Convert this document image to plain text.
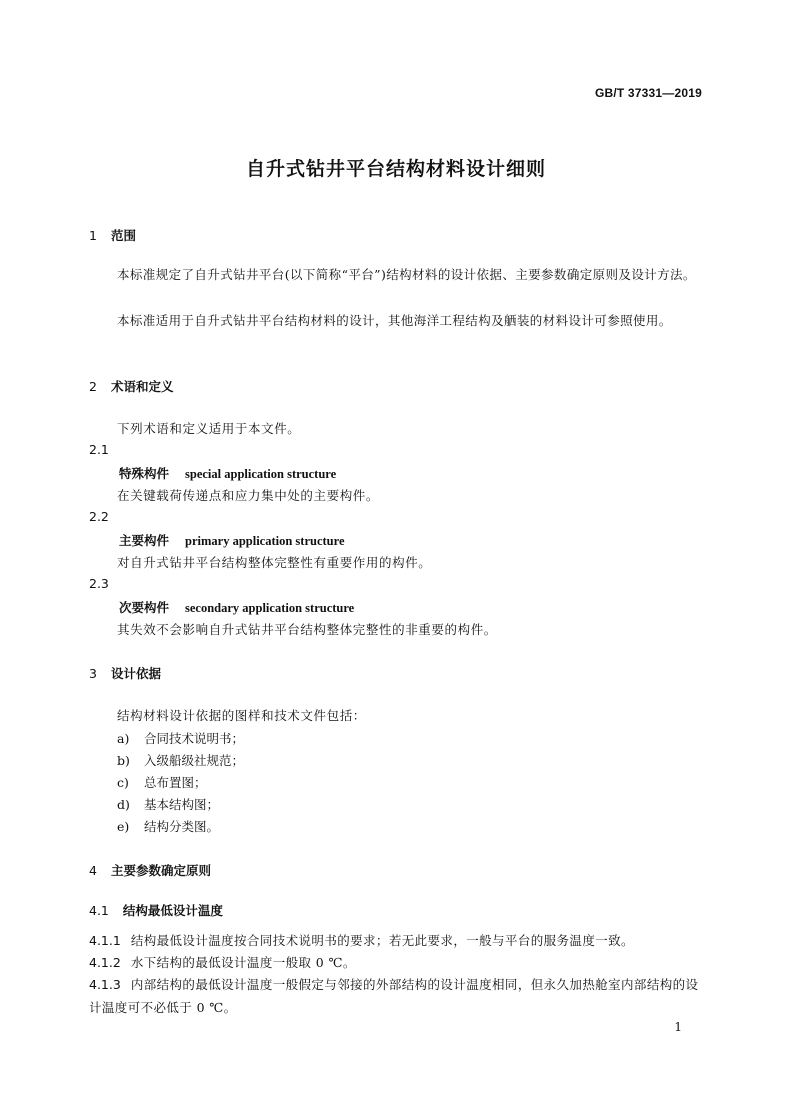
GB/T 37331—2019
自升式钻井平台结构材料设计细则
1 范围
本标准规定了自升式钻井平台(以下简称“平台”)结构材料的设计依据、主要参数确定原则及设计方法。
本标准适用于自升式钻井平台结构材料的设计，其他海洋工程结构及舾装的材料设计可参照使用。
2 术语和定义
下列术语和定义适用于本文件。
2.1
特殊构件 special application structure
在关键载荷传递点和应力集中处的主要构件。
2.2
主要构件 primary application structure
对自升式钻井平台结构整体完整性有重要作用的构件。
2.3
次要构件 secondary application structure
其失效不会影响自升式钻井平台结构整体完整性的非重要的构件。
3 设计依据
结构材料设计依据的图样和技术文件包括：
a) 合同技术说明书；
b) 入级船级社规范；
c) 总布置图；
d) 基本结构图；
e) 结构分类图。
4 主要参数确定原则
4.1 结构最低设计温度
4.1.1 结构最低设计温度按合同技术说明书的要求；若无此要求，一般与平台的服务温度一致。
4.1.2 水下结构的最低设计温度一般取 0 ℃。
4.1.3 内部结构的最低设计温度一般假定与邻接的外部结构的设计温度相同，但永久加热舱室内部结构的设计温度可不必低于 0 ℃。
1
